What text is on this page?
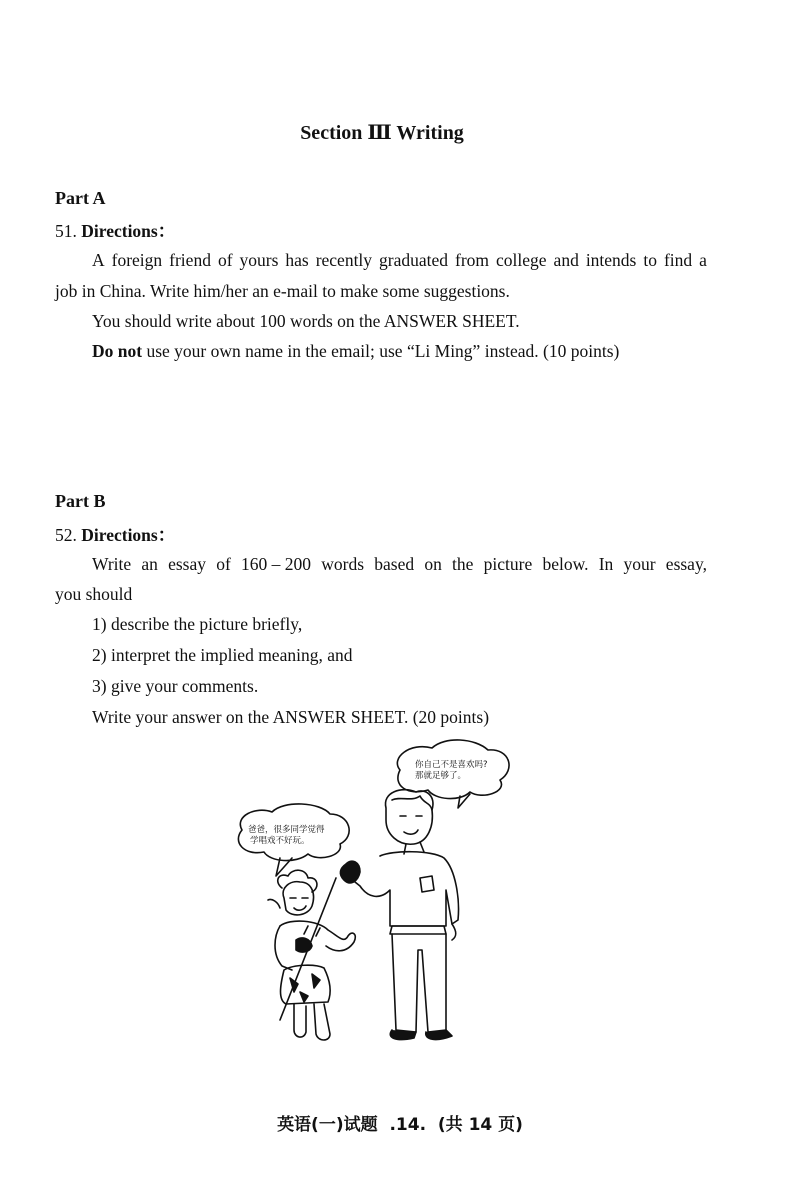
Section Ⅲ Writing
Part A
51. Directions：
A foreign friend of yours has recently graduated from college and intends to find a
job in China. Write him/her an e-mail to make some suggestions.
You should write about 100 words on the ANSWER SHEET.
Do not use your own name in the email; use “Li Ming” instead. (10 points)
Part B
52. Directions：
Write an essay of 160 – 200 words based on the picture below. In your essay,
you should
1) describe the picture briefly,
2) interpret the implied meaning, and
3) give your comments.
Write your answer on the ANSWER SHEET. (20 points)
你自己不是喜欢吗?
那就足够了。
爸爸，很多同学觉得
学唱戏不好玩。
英语(一)试题 .14. (共 14 页)
